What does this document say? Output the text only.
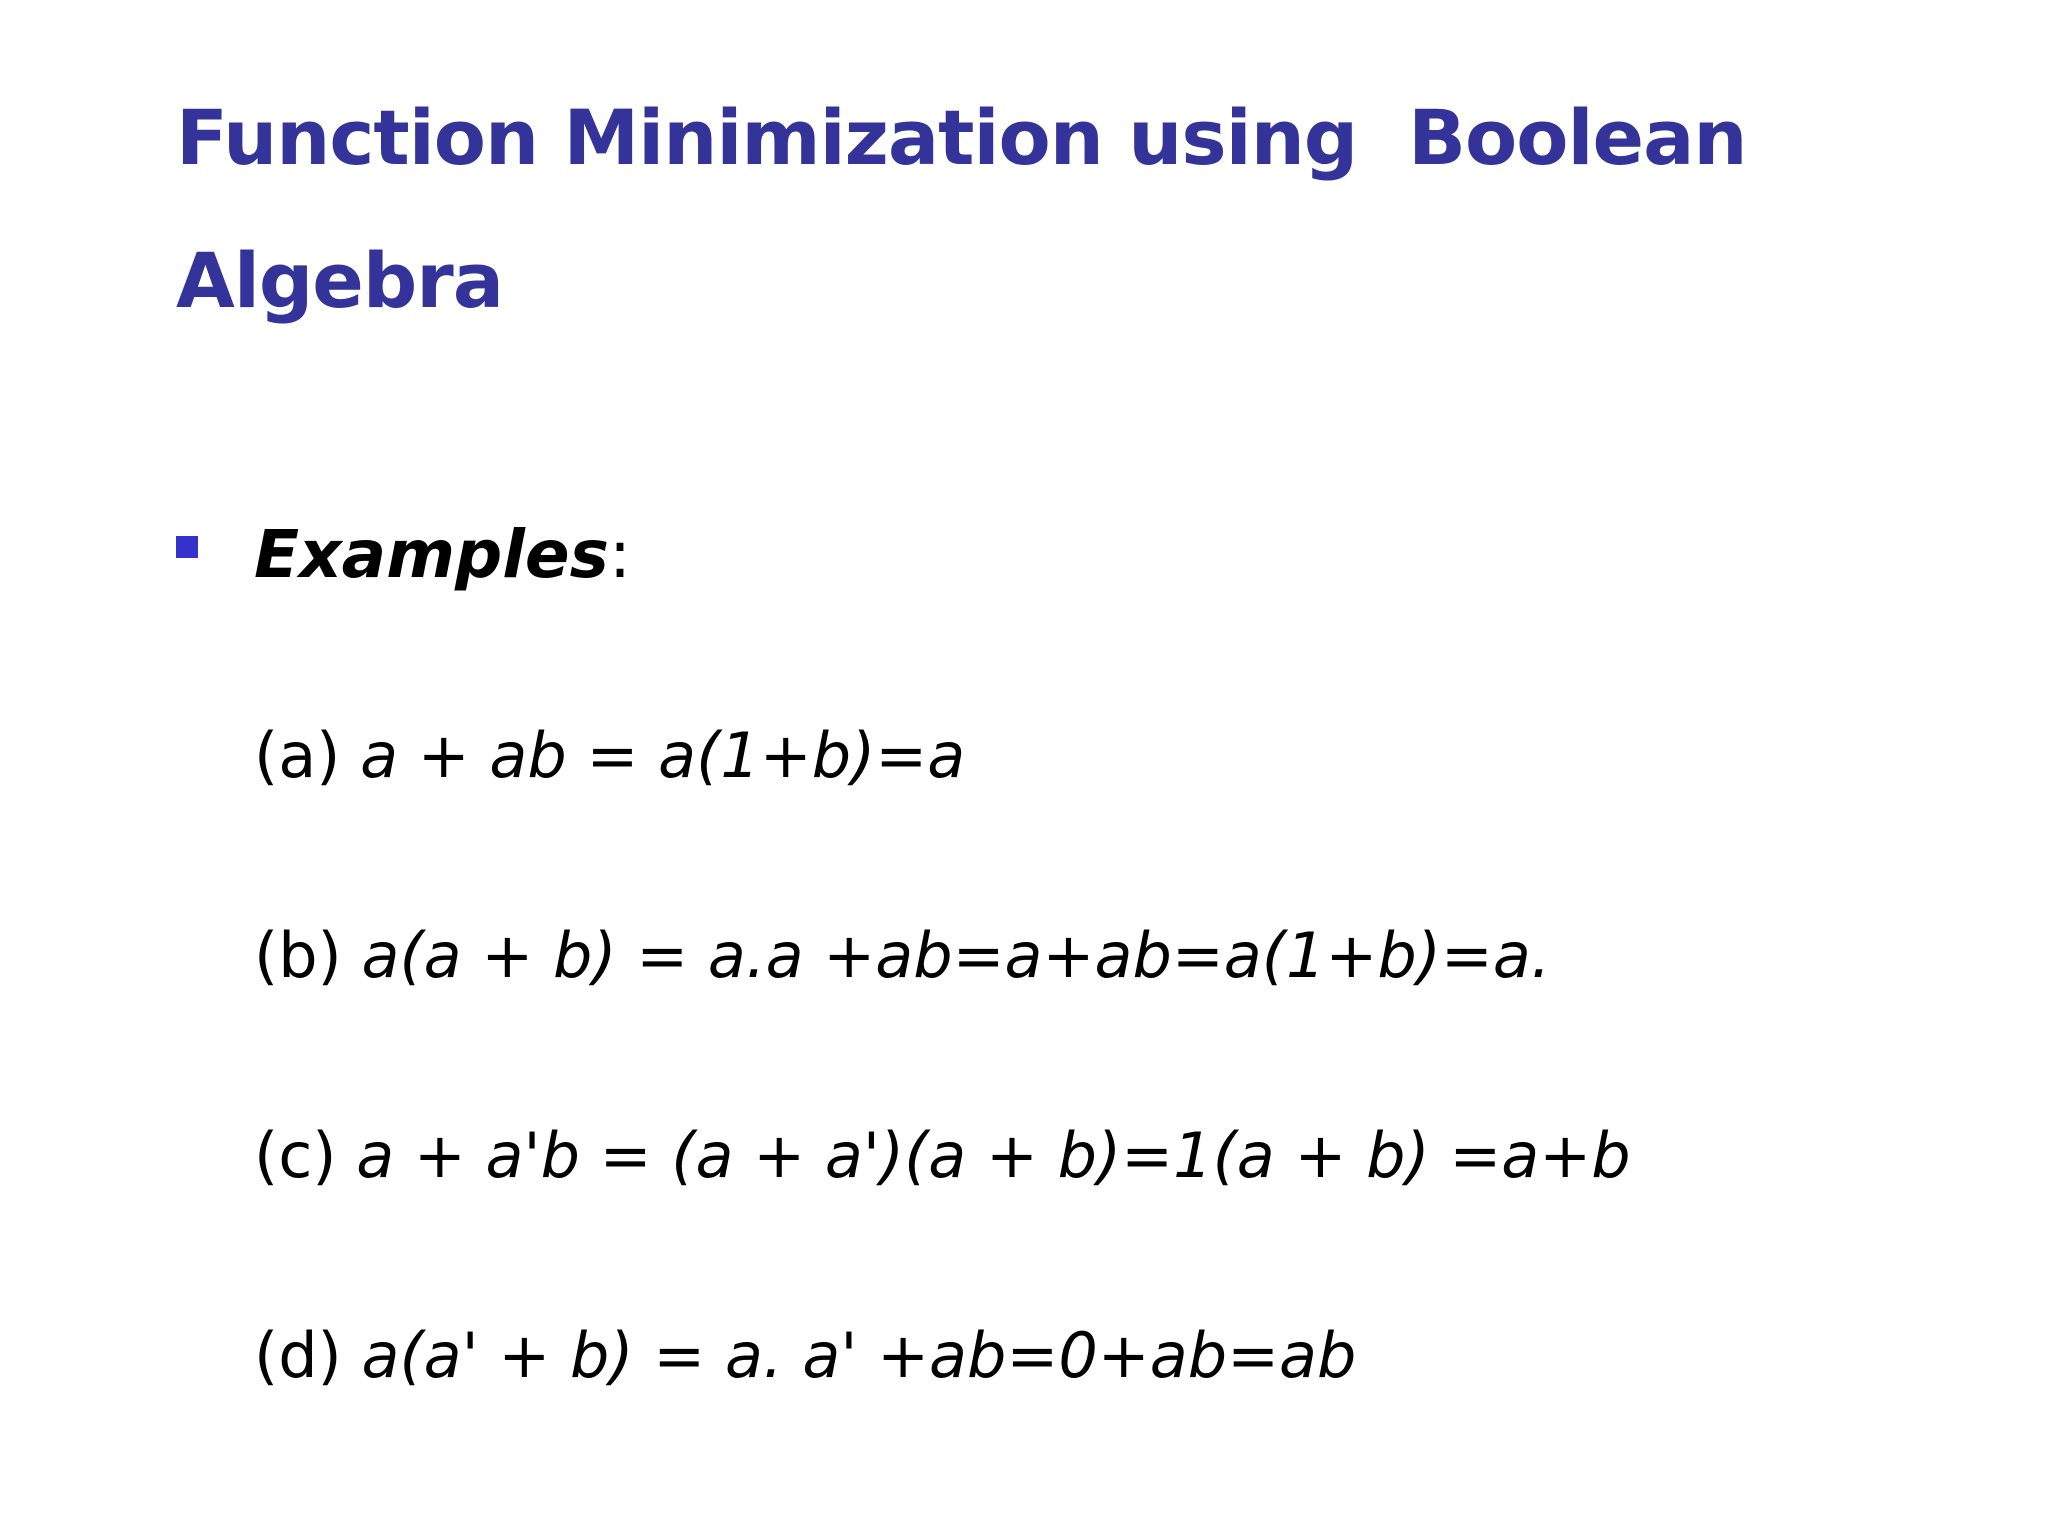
Function Minimization using  Boolean
Algebra
Examples:
(a) a + ab = a(1+b)=a
(b) a(a + b) = a.a +ab=a+ab=a(1+b)=a.
(c) a + a'b = (a + a')(a + b)=1(a + b) =a+b
(d) a(a' + b) = a. a' +ab=0+ab=ab
